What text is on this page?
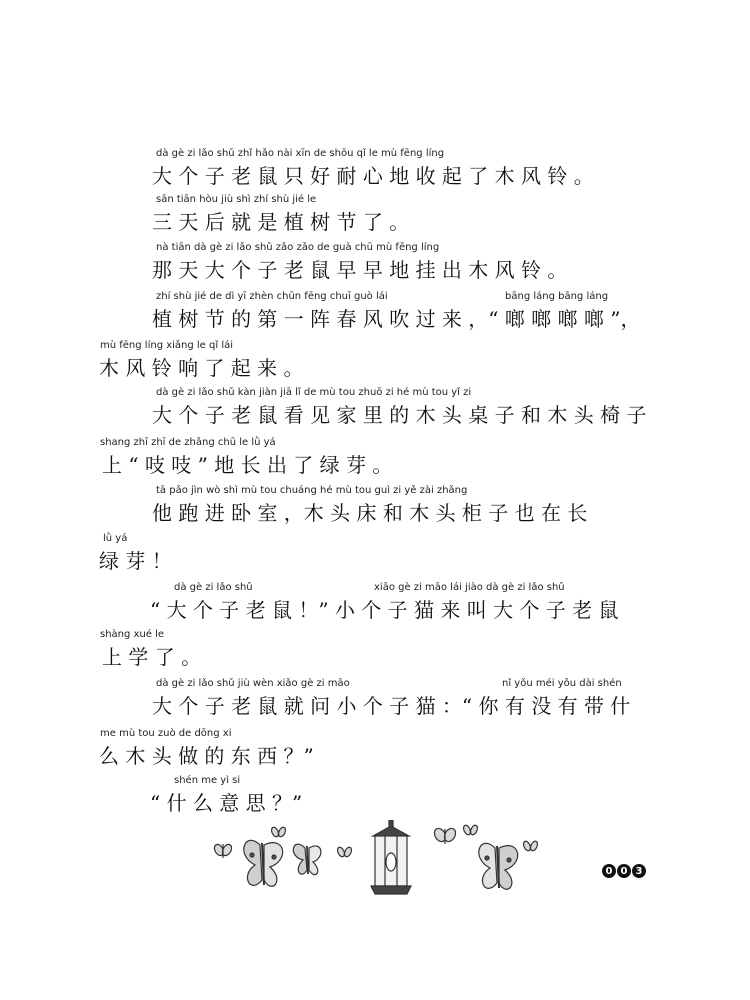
dà gè zi lǎo shǔ zhǐ hǎo nài xīn de shōu qǐ le mù fēng líng
大 个 子 老 鼠 只 好 耐 心 地 收 起 了 木 风 铃 。
sān tiān hòu jiù shì zhí shù jié le
三 天 后 就 是 植 树 节 了 。
nà tiān dà gè zi lǎo shǔ zǎo zǎo de guà chū mù fēng líng
那 天 大 个 子 老 鼠 早 早 地 挂 出 木 风 铃 。
zhí shù jié de dì yī zhèn chūn fēng chuī guò lái	bāng láng bāng láng
植 树 节 的 第 一 阵 春 风 吹 过 来 ，“ 啷 啷 啷 啷 ”，
mù fēng líng xiǎng le qǐ lái
木 风 铃 响 了 起 来 。
dà gè zi lǎo shǔ kàn jiàn jiā lǐ de mù tou zhuō zi hé mù tou yǐ zi
大 个 子 老 鼠 看 见 家 里 的 木 头 桌 子 和 木 头 椅 子
shang zhī zhī de zhǎng chū le lǜ yá
上 “ 吱 吱 ” 地 长 出 了 绿 芽 。
tā pǎo jìn wò shì mù tou chuáng hé mù tou guì zi yě zài zhǎng
他 跑 进 卧 室 ，木 头 床 和 木 头 柜 子 也 在 长
lǜ yá
绿 芽 ！
dà gè zi lǎo shǔ	xiǎo gè zi māo lái jiào dà gè zi lǎo shǔ
“ 大 个 子 老 鼠 ！” 小 个 子 猫 来 叫 大 个 子 老 鼠
shàng xué le
上 学 了 。
dà gè zi lǎo shǔ jiù wèn xiǎo gè zi māo	nǐ yǒu méi yǒu dài shén
大 个 子 老 鼠 就 问 小 个 子 猫 ：“ 你 有 没 有 带 什
me mù tou zuò de dōng xi
么 木 头 做 的 东 西 ？”
shén me yì si
“ 什 么 意 思 ？”
0 0 3
